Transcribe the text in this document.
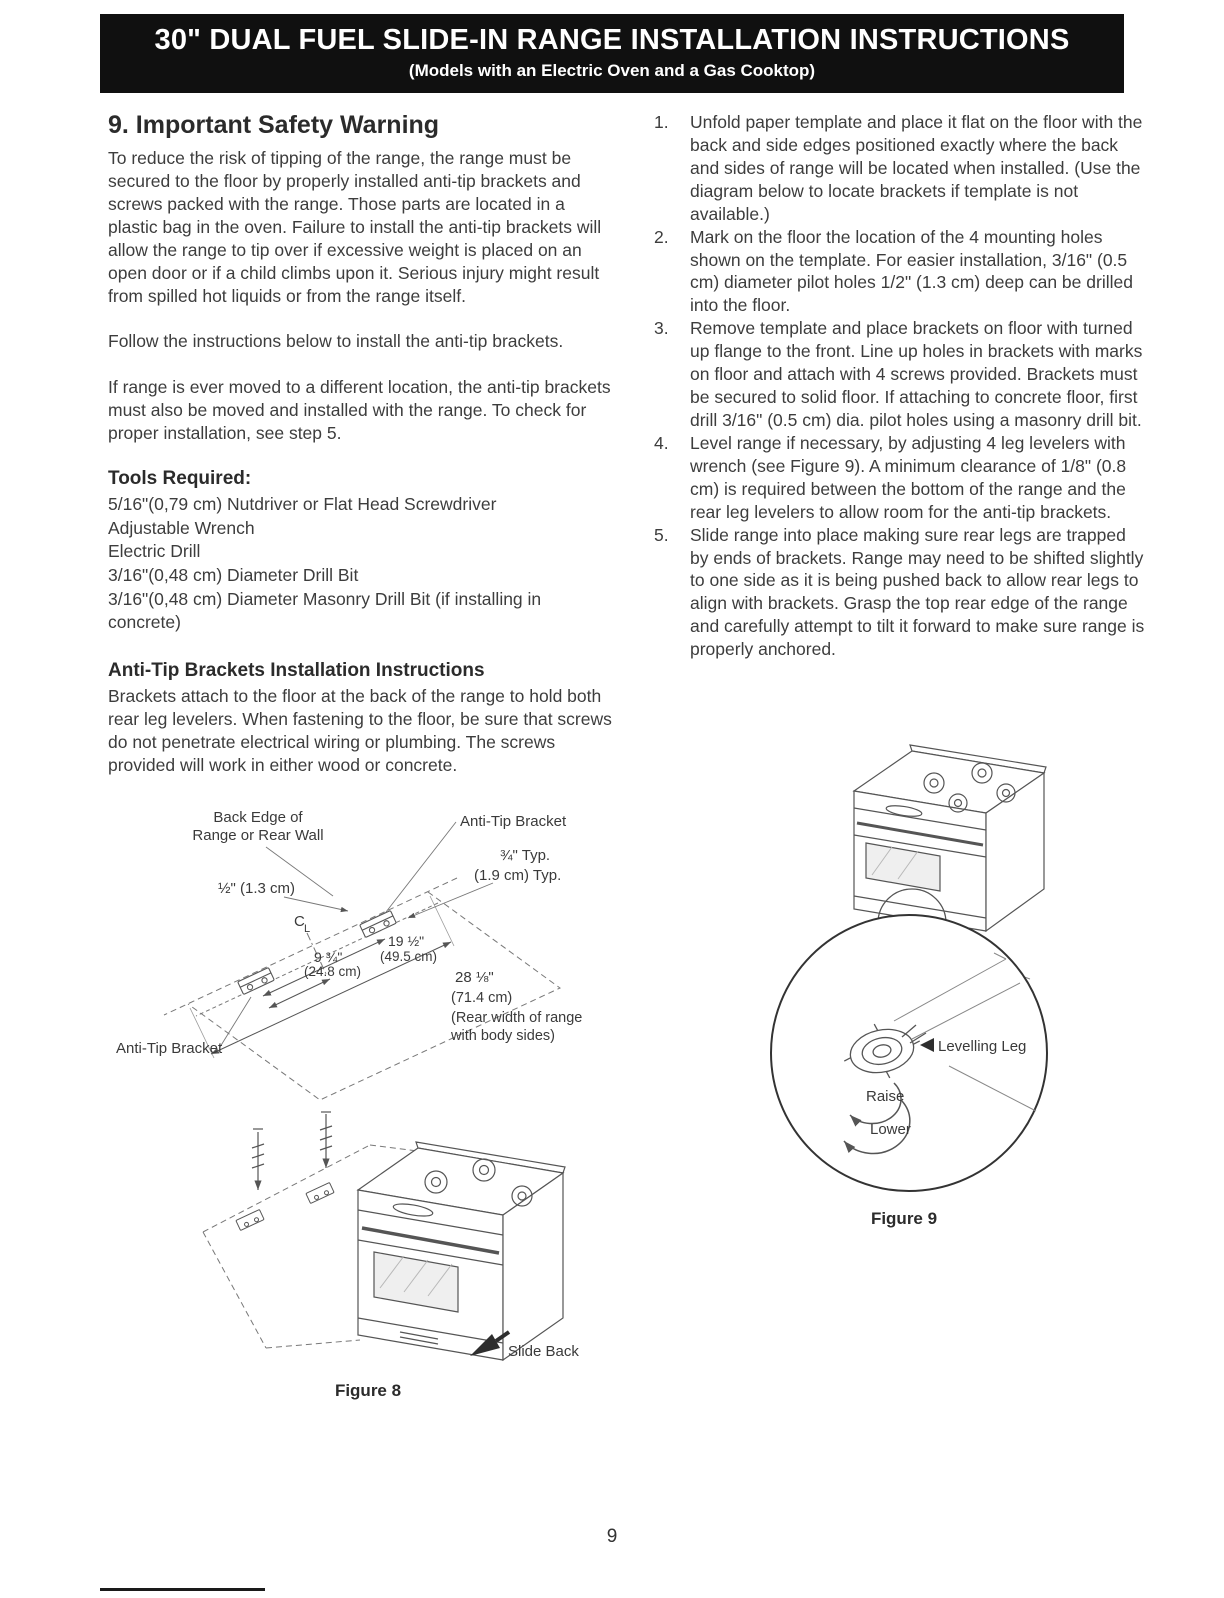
30" DUAL FUEL SLIDE-IN RANGE INSTALLATION INSTRUCTIONS
(Models with an Electric Oven and a Gas Cooktop)
9. Important Safety Warning

To reduce the risk of tipping of the range, the range must be secured to the floor by properly installed anti-tip brackets and screws packed with the range. Those parts are located in a plastic bag in the oven. Failure to install the anti-tip brackets will allow the range to tip over if excessive weight is placed on an open door or if a child climbs upon it. Serious injury might result from spilled hot liquids or from the range itself.

Follow the instructions below to install the anti-tip brackets.

If range is ever moved to a different location, the anti-tip brackets must also be moved and installed with the range. To check for proper installation, see step 5.

Tools Required:
5/16"(0,79 cm) Nutdriver or Flat Head Screwdriver
Adjustable Wrench
Electric Drill
3/16"(0,48 cm) Diameter Drill Bit
3/16"(0,48 cm) Diameter Masonry Drill Bit (if installing in concrete)
Anti-Tip Brackets Installation Instructions

Brackets attach to the floor at the back of the range to hold both rear leg levelers. When fastening to the floor, be sure that screws do not penetrate electrical wiring or plumbing. The screws provided will work in either wood or concrete.

C L
Back Edge of
Range or Rear Wall
Anti-Tip Bracket
¾" Typ.
(1.9 cm) Typ.
½" (1.3 cm)
19 ½"
(49.5 cm)
9 ¾"
(24.8 cm)	28 ⅛"
(71.4 cm)
(Rear width of range
with body sides)
Anti-Tip Bracket
Slide Back
Figure 8
1.	Unfold paper template and place it flat on the floor with the back and side edges positioned exactly where the back and sides of range will be located when installed. (Use the diagram below to locate brackets if template is not available.)
2.	Mark on the floor the location of the 4 mounting holes shown on the template. For easier installation, 3/16" (0.5 cm) diameter pilot holes 1/2" (1.3 cm) deep can be drilled into the floor.
3.	Remove template and place brackets on floor with turned up flange to the front. Line up holes in brackets with marks on floor and attach with 4 screws provided. Brackets must be secured to solid floor. If attaching to concrete floor, first drill 3/16" (0.5 cm) dia. pilot holes using a masonry drill bit.
4.	Level range if necessary, by adjusting 4 leg levelers with wrench (see Figure 9). A minimum clearance of 1/8" (0.8 cm) is required between the bottom of the range and the rear leg levelers to allow room for the anti-tip brackets.
5.	Slide range into place making sure rear legs are trapped by ends of brackets. Range may need to be shifted slightly to one side as it is being pushed back to allow rear legs to align with brackets. Grasp the top rear edge of the range and carefully attempt to tilt it forward to make sure range is properly anchored.
Levelling Leg
Raise
Lower
Figure 9
9
